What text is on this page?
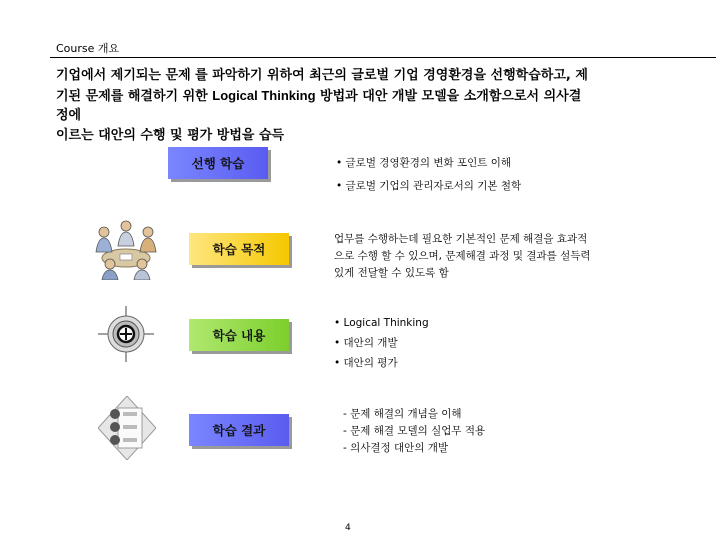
Course 개요
기업에서 제기되는 문제 를 파악하기 위하여 최근의 글로벌 기업 경영환경을 선행학습하고, 제
기된 문제를 해결하기 위한 Logical Thinking 방법과 대안 개발 모델을 소개함으로서 의사결
정에
이르는 대안의 수행 및 평가 방법을 습득
선행 학습	• 글로벌 경영환경의 변화 포인트 이해
• 글로벌 기업의 관리자로서의 기본 철학
학습 목적
업무를 수행하는데 필요한 기본적인 문제 해결을 효과적
으로 수행 할 수 있으며, 문제해결 과정 및 결과를 설득력
있게 전달할 수 있도록 함
학습 내용
• Logical Thinking
• 대안의 개발
• 대안의 평가
학습 결과
- 문제 해결의 개념을 이해
- 문제 해결 모델의 실업무 적용
- 의사결정 대안의 개발
4
